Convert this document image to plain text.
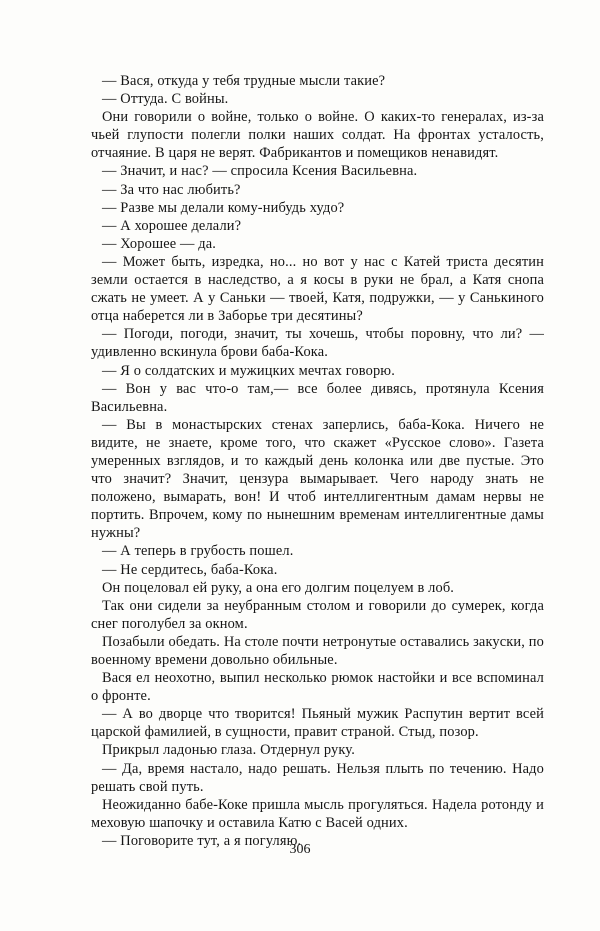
— Вася, откуда у тебя трудные мысли такие?

— Оттуда. С войны.

Они говорили о войне, только о войне. О каких-то генералах, из-за чьей глупости полегли полки наших солдат. На фронтах усталость, отчаяние. В царя не верят. Фабрикантов и помещиков ненавидят.

— Значит, и нас? — спросила Ксения Васильевна.

— За что нас любить?

— Разве мы делали кому-нибудь худо?

— А хорошее делали?

— Хорошее — да.

— Может быть, изредка, но... но вот у нас с Катей триста десятин земли остается в наследство, а я косы в руки не брал, а Катя снопа сжать не умеет. А у Саньки — твоей, Катя, подружки, — у Санькиного отца наберется ли в Заборье три десятины?

— Погоди, погоди, значит, ты хочешь, чтобы поровну, что ли? — удивленно вскинула брови баба-Кока.

— Я о солдатских и мужицких мечтах говорю.

— Вон у вас что-о там,— все более дивясь, протянула Ксения Васильевна.

— Вы в монастырских стенах заперлись, баба-Кока. Ничего не видите, не знаете, кроме того, что скажет «Русское слово». Газета умеренных взглядов, и то каждый день колонка или две пустые. Это что значит? Значит, цензура вымарывает. Чего народу знать не положено, вымарать, вон! И чтоб интеллигентным дамам нервы не портить. Впрочем, кому по нынешним временам интеллигентные дамы нужны?

— А теперь в грубость пошел.

— Не сердитесь, баба-Кока.

Он поцеловал ей руку, а она его долгим поцелуем в лоб.

Так они сидели за неубранным столом и говорили до сумерек, когда снег поголубел за окном.

Позабыли обедать. На столе почти нетронутые оставались закуски, по военному времени довольно обильные.

Вася ел неохотно, выпил несколько рюмок настойки и все вспоминал о фронте.

— А во дворце что творится! Пьяный мужик Распутин вертит всей царской фамилией, в сущности, правит страной. Стыд, позор.

Прикрыл ладонью глаза. Отдернул руку.

— Да, время настало, надо решать. Нельзя плыть по течению. Надо решать свой путь.

Неожиданно бабе-Коке пришла мысль прогуляться. Надела ротонду и меховую шапочку и оставила Катю с Васей одних.

— Поговорите тут, а я погуляю.

306
